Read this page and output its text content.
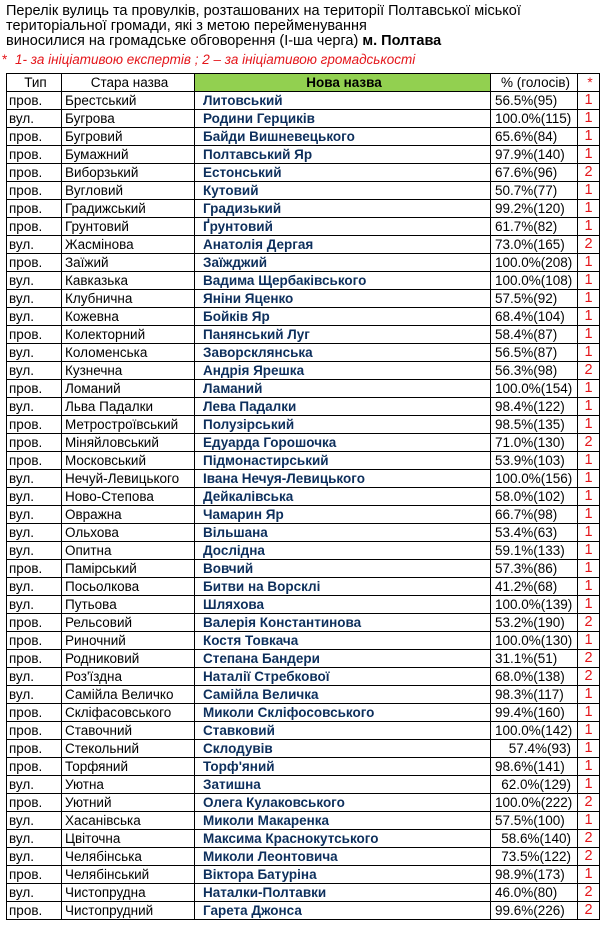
Перелік вулиць та провулків, розташованих на території Полтавської міської
територіальної громади, які з метою перейменування
виносилися на громадське обговорення (І-ша черга) м. Полтава
* 1- за ініціативою експертів ; 2 – за ініціативою громадськості
Тип	Стара назва	Нова назва	% (голосів)	*
пров.	Брестський	Литовський	56.5%(95)	1
вул.	Бугрова	Родини Герциків	100.0%(115)	1
пров.	Бугровий	Байди Вишневецького	65.6%(84)	1
пров.	Бумажний	Полтавський Яр	97.9%(140)	1
пров.	Виборзький	Естонський	67.6%(96)	2
пров.	Вугловий	Кутовий	50.7%(77)	1
пров.	Градижський	Градизький	99.2%(120)	1
пров.	Грунтовий	Ґрунтовий	61.7%(82)	1
вул.	Жасмінова	Анатолія Дергая	73.0%(165)	2
пров.	Заїжий	Заїжджий	100.0%(208)	1
вул.	Кавказька	Вадима Щербаківського	100.0%(108)	1
вул.	Клубнична	Яніни Яценко	57.5%(92)	1
вул.	Кожевна	Бойків Яр	68.4%(104)	1
пров.	Колекторний	Панянський Луг	58.4%(87)	1
вул.	Коломенська	Заворсклянська	56.5%(87)	1
вул.	Кузнечна	Андрія Ярешка	56.3%(98)	2
пров.	Ломаний	Ламаний	100.0%(154)	1
вул.	Льва Падалки	Лева Падалки	98.4%(122)	1
пров.	Метростроївський	Полузірський	98.5%(135)	1
пров.	Міняйловський	Едуарда Горошочка	71.0%(130)	2
пров.	Московський	Підмонастирський	53.9%(103)	1
вул.	Нечуй-Левицького	Івана Нечуя-Левицького	100.0%(156)	1
вул.	Ново-Степова	Дейкалівська	58.0%(102)	1
вул.	Овражна	Чамарин Яр	66.7%(98)	1
вул.	Ольхова	Вільшана	53.4%(63)	1
вул.	Опитна	Дослідна	59.1%(133)	1
пров.	Памірський	Вовчий	57.3%(86)	1
вул.	Посьолкова	Битви на Ворсклі	41.2%(68)	1
вул.	Путьова	Шляхова	100.0%(139)	1
пров.	Рельсовий	Валерія Константинова	53.2%(190)	2
пров.	Риночний	Костя Товкача	100.0%(130)	1
пров.	Родниковий	Степана Бандери	31.1%(51)	2
вул.	Роз'їздна	Наталії Стребкової	68.0%(138)	2
вул.	Самійла Величко	Самійла Величка	98.3%(117)	1
пров.	Скліфасовського	Миколи Скліфосовського	99.4%(160)	1
пров.	Ставочний	Ставковий	100.0%(142)	1
пров.	Стекольний	Склодувів	57.4%(93)	1
пров.	Торфяний	Торф'яний	98.6%(141)	1
вул.	Уютна	Затишна	62.0%(129)	1
пров.	Уютний	Олега Кулаковського	100.0%(222)	2
вул.	Хасанівська	Миколи Макаренка	57.5%(100)	1
вул.	Цвіточна	Максима Краснокутського	58.6%(140)	2
вул.	Челябінська	Миколи Леонтовича	73.5%(122)	2
пров.	Челябінський	Віктора Батуріна	98.9%(173)	1
вул.	Чистопрудна	Наталки-Полтавки	46.0%(80)	2
пров.	Чистопрудний	Гарета Джонса	99.6%(226)	2
